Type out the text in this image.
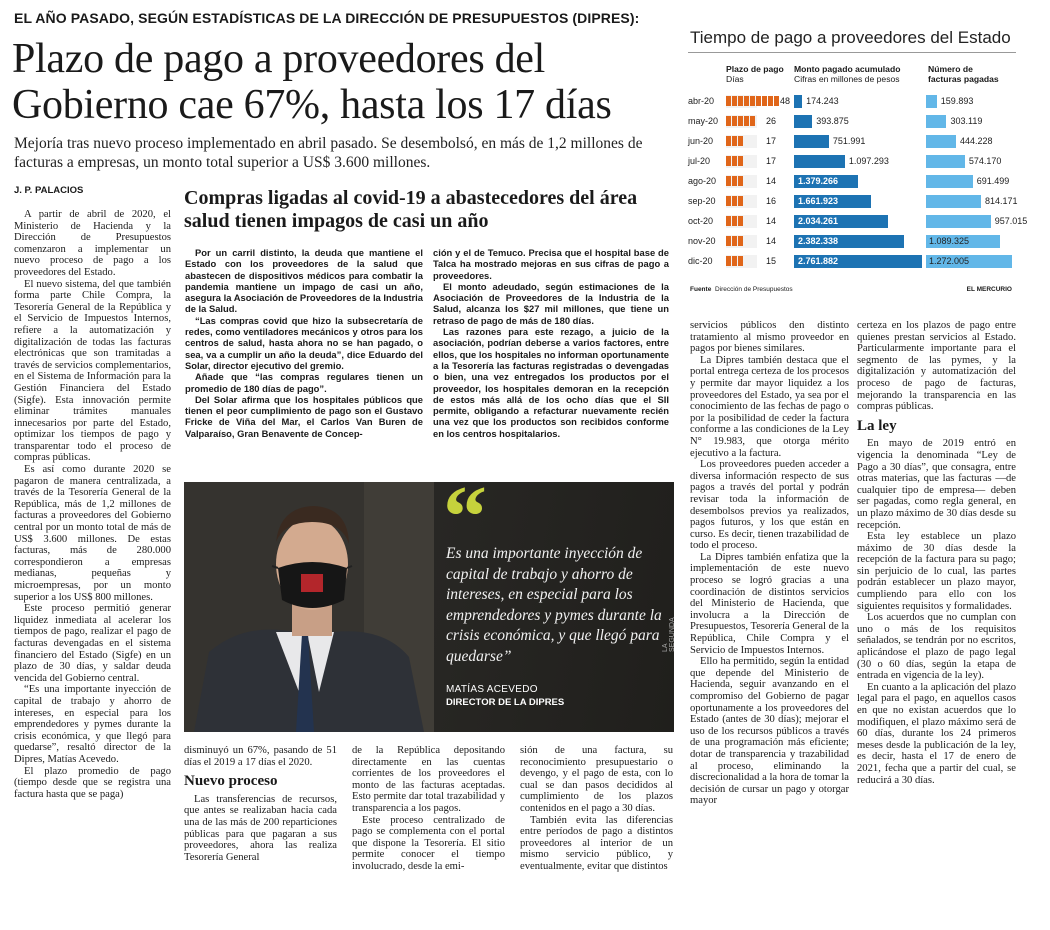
EL AÑO PASADO, SEGÚN ESTADÍSTICAS DE LA DIRECCIÓN DE PRESUPUESTOS (DIPRES):
Plazo de pago a proveedores del Gobierno cae 67%, hasta los 17 días
Mejoría tras nuevo proceso implementado en abril pasado. Se desembolsó, en más de 1,2 millones de facturas a empresas, un monto total superior a US$ 3.600 millones.
J. P. PALACIOS

A partir de abril de 2020, el Ministerio de Hacienda y la Dirección de Presupuestos comenzaron a implementar un nuevo proceso de pago a los proveedores del Estado.

El nuevo sistema, del que también forma parte Chile Compra, la Tesorería General de la República y el Servicio de Impuestos Internos, refiere a la automatización y digitalización de todas las facturas electrónicas que son tramitadas a través de servicios complementarios, en el Sistema de Información para la Gestión Financiera del Estado (Sigfe). Esta innovación permite eliminar trámites manuales innecesarios por parte del Estado, optimizar los tiempos de pago y transparentar todo el proceso de compras públicas.

Es así como durante 2020 se pagaron de manera centralizada, a través de la Tesorería General de la República, más de 1,2 millones de facturas a proveedores del Gobierno central por un monto total de más de US$ 3.600 millones. De estas facturas, más de 280.000 correspondieron a empresas medianas, pequeñas y microempresas, por un monto superior a los US$ 800 millones.

Este proceso permitió generar liquidez inmediata al acelerar los tiempos de pago, realizar el pago de facturas devengadas en el sistema financiero del Estado (Sigfe) en un plazo de 30 días, y saldar deuda vencida del Gobierno central.

“Es una importante inyección de capital de trabajo y ahorro de intereses, en especial para los emprendedores y pymes durante la crisis económica, y que llegó para quedarse”, resaltó director de la Dipres, Matías Acevedo.

El plazo promedio de pago (tiempo desde que se registra una factura hasta que se paga)

Compras ligadas al covid-19 a abastecedores del área salud tienen impagos de casi un año

Por un carril distinto, la deuda que mantiene el Estado con los proveedores de la salud que abastecen de dispositivos médicos para combatir la pandemia mantiene un impago de casi un año, asegura la Asociación de Proveedores de la Industria de la Salud.

“Las compras covid que hizo la subsecretaría de redes, como ventiladores mecánicos y otros para los centros de salud, hasta ahora no se han pagado, o sea, va a cumplir un año la deuda”, dice Eduardo del Solar, director ejecutivo del gremio.

Añade que “las compras regulares tienen un promedio de 180 días de pago”.

Del Solar afirma que los hospitales públicos que tienen el peor cumplimiento de pago son el Gustavo Fricke de Viña del Mar, el Carlos Van Buren de Valparaíso, Gran Benavente de Concep-

ción y el de Temuco. Precisa que el hospital base de Talca ha mostrado mejoras en sus cifras de pago a proveedores.

El monto adeudado, según estimaciones de la Asociación de Proveedores de la Industria de la Salud, alcanza los $27 mil millones, que tiene un retraso de pago de más de 180 días.

Las razones para este rezago, a juicio de la asociación, podrían deberse a varios factores, entre ellos, que los hospitales no informan oportunamente a la Tesorería las facturas registradas o devengadas o bien, una vez entregados los productos por el proveedor, los hospitales demoran en la recepción de estos más allá de los ocho días que el SII permite, obligando a refacturar nuevamente recién una vez que los productos son recibidos conforme en los centros hospitalarios.

“
Es una importante inyección de capital de trabajo y ahorro de intereses, en especial para los emprendedores y pymes durante la crisis económica, y que llegó para quedarse”
MATÍAS ACEVEDO
DIRECTOR DE LA DIPRES
LA SEGUNDA

disminuyó un 67%, pasando de 51 días el 2019 a 17 días el 2020.

Nuevo proceso

Las transferencias de recursos, que antes se realizaban hacia cada una de las más de 200 reparticiones públicas para que pagaran a sus proveedores, ahora las realiza Tesorería General

de la República depositando directamente en las cuentas corrientes de los proveedores el monto de las facturas aceptadas. Esto permite dar total trazabilidad y transparencia a los pagos.

Este proceso centralizado de pago se complementa con el portal que dispone la Tesorería. El sitio permite conocer el tiempo involucrado, desde la emi-

sión de una factura, su reconocimiento presupuestario o devengo, y el pago de esta, con lo cual se dan pasos decididos al cumplimiento de los plazos contenidos en el pago a 30 días.

También evita las diferencias entre períodos de pago a distintos proveedores al interior de un mismo servicio público, y eventualmente, evitar que distintos

Tiempo de pago a proveedores del Estado
Plazo de pago
Días
Monto pagado acumulado
Cifras en millones de pesos
Número de
facturas pagadas
abr-20	48 174.243	159.893
may-20	26	393.875	303.119
jun-20	17	751.991	444.228
jul-20	17	1.097.293	574.170
ago-20	14 1.379.266	691.499
sep-20	16 1.661.923	814.171
oct-20	14 2.034.261	957.015
nov-20	14 2.382.338	1.089.325
dic-20	15 2.761.882	1.272.005
Fuente Dirección de Presupuestos	EL MERCURIO

servicios públicos den distinto tratamiento al mismo proveedor en pagos por bienes similares.

La Dipres también destaca que el portal entrega certeza de los procesos y permite dar mayor liquidez a los proveedores del Estado, ya sea por el conocimiento de las fechas de pago o por la posibilidad de ceder la factura conforme a las condiciones de la Ley N° 19.983, que otorga mérito ejecutivo a la factura.

Los proveedores pueden acceder a diversa información respecto de sus pagos a través del portal y podrán revisar toda la información de desembolsos previos ya realizados, pagos futuros, y los que están en curso. Es decir, tienen trazabilidad de todo el proceso.

La Dipres también enfatiza que la implementación de este nuevo proceso se logró gracias a una coordinación de distintos servicios del Ministerio de Hacienda, que involucra a la Dirección de Presupuestos, Tesorería General de la República, Chile Compra y el Servicio de Impuestos Internos.

Ello ha permitido, según la entidad que depende del Ministerio de Hacienda, seguir avanzando en el compromiso del Gobierno de pagar oportunamente a los proveedores del Estado (antes de 30 días); mejorar el uso de los recursos públicos a través de una programación más eficiente; dotar de transparencia y trazabilidad al proceso, eliminando la discrecionalidad a la hora de tomar la decisión de cursar un pago y otorgar mayor

certeza en los plazos de pago entre quienes prestan servicios al Estado. Particularmente importante para el segmento de las pymes, y la digitalización y automatización del proceso de pago de facturas, mejorando la transparencia en las compras públicas.

La ley

En mayo de 2019 entró en vigencia la denominada “Ley de Pago a 30 días”, que consagra, entre otras materias, que las facturas —de cualquier tipo de empresa— deben ser pagadas, como regla general, en un plazo máximo de 30 días desde su recepción.

Esta ley establece un plazo máximo de 30 días desde la recepción de la factura para su pago; sin perjuicio de lo cual, las partes podrán establecer un plazo mayor, cumpliendo para ello con los siguientes requisitos y formalidades.

Los acuerdos que no cumplan con uno o más de los requisitos señalados, se tendrán por no escritos, aplicándose el plazo de pago legal (30 o 60 días, según la etapa de entrada en vigencia de la ley).

En cuanto a la aplicación del plazo legal para el pago, en aquellos casos en que no existan acuerdos que lo modifiquen, el plazo máximo será de 60 días, durante los 24 primeros meses desde la publicación de la ley, es decir, hasta el 17 de enero de 2021, fecha que a partir del cual, se reducirá a 30 días.
